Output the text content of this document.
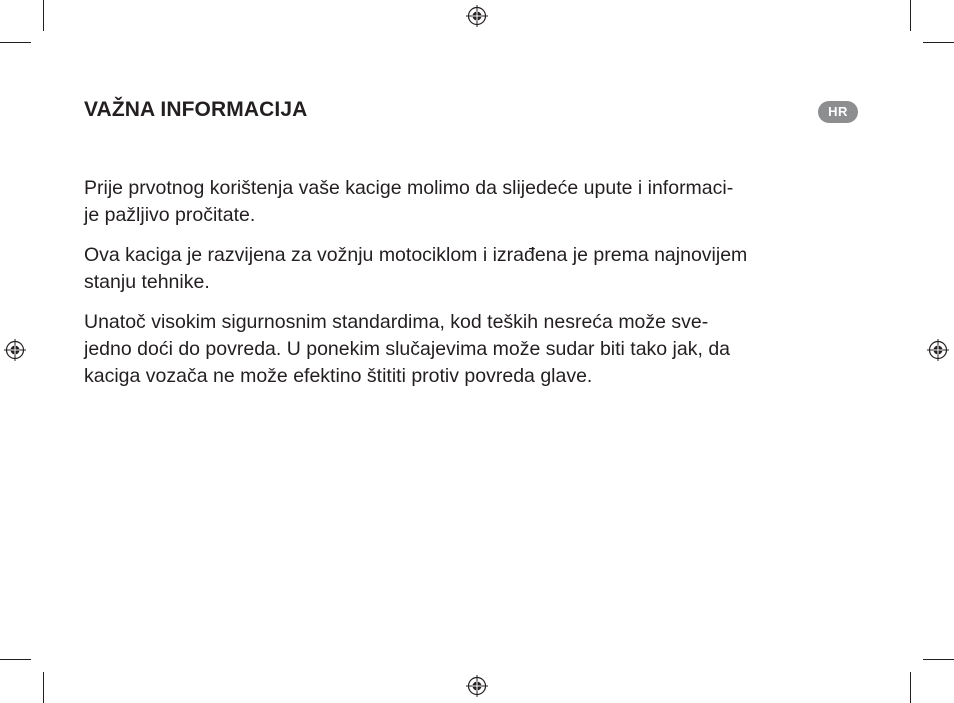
VAŽNA INFORMACIJA	HR

Prije prvotnog korištenja vaše kacige molimo da slijedeće upute i informaci-
je pažljivo pročitate.

Ova kaciga je razvijena za vožnju motociklom i izrađena je prema najnovijem
stanju tehnike.

Unatoč visokim sigurnosnim standardima, kod teških nesreća može sve-
jedno doći do povreda. U ponekim slučajevima može sudar biti tako jak, da
kaciga vozača ne može efektino štititi protiv povreda glave.
